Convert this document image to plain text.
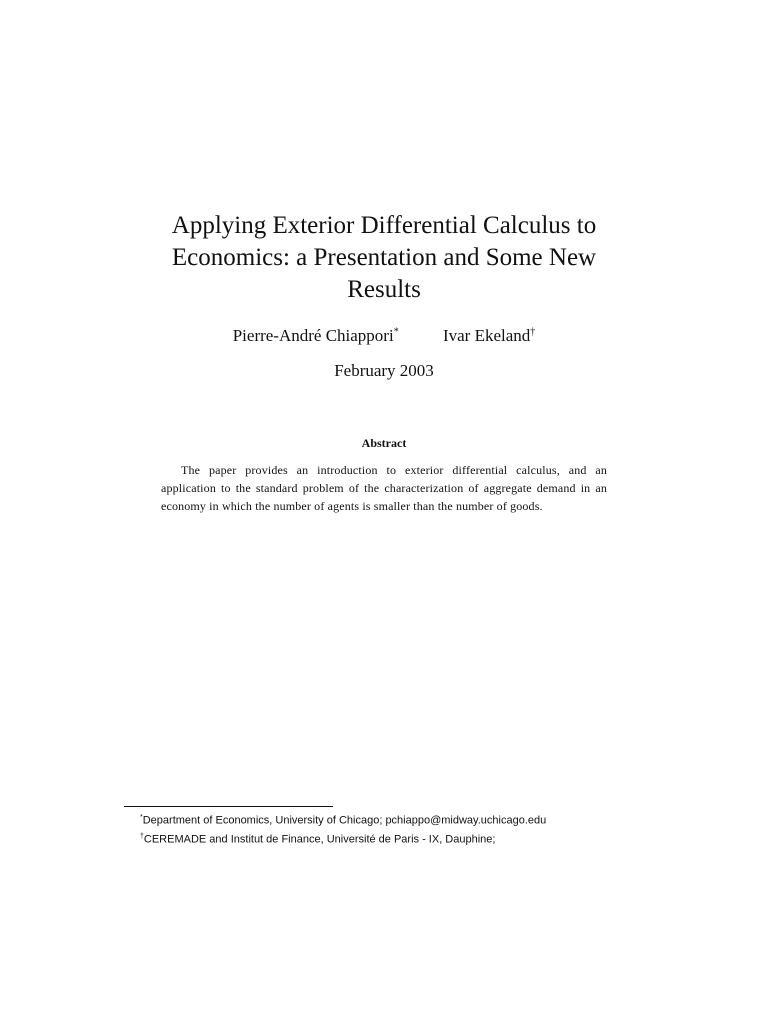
Applying Exterior Differential Calculus to
Economics: a Presentation and Some New
Results
Pierre-André Chiappori*	Ivar Ekeland†
February 2003
Abstract
The paper provides an introduction to exterior differential calculus, and an application to the standard problem of the characterization of aggregate demand in an economy in which the number of agents is smaller than the number of goods.
*Department of Economics, University of Chicago; pchiappo@midway.uchicago.edu
†CEREMADE and Institut de Finance, Université de Paris - IX, Dauphine;
